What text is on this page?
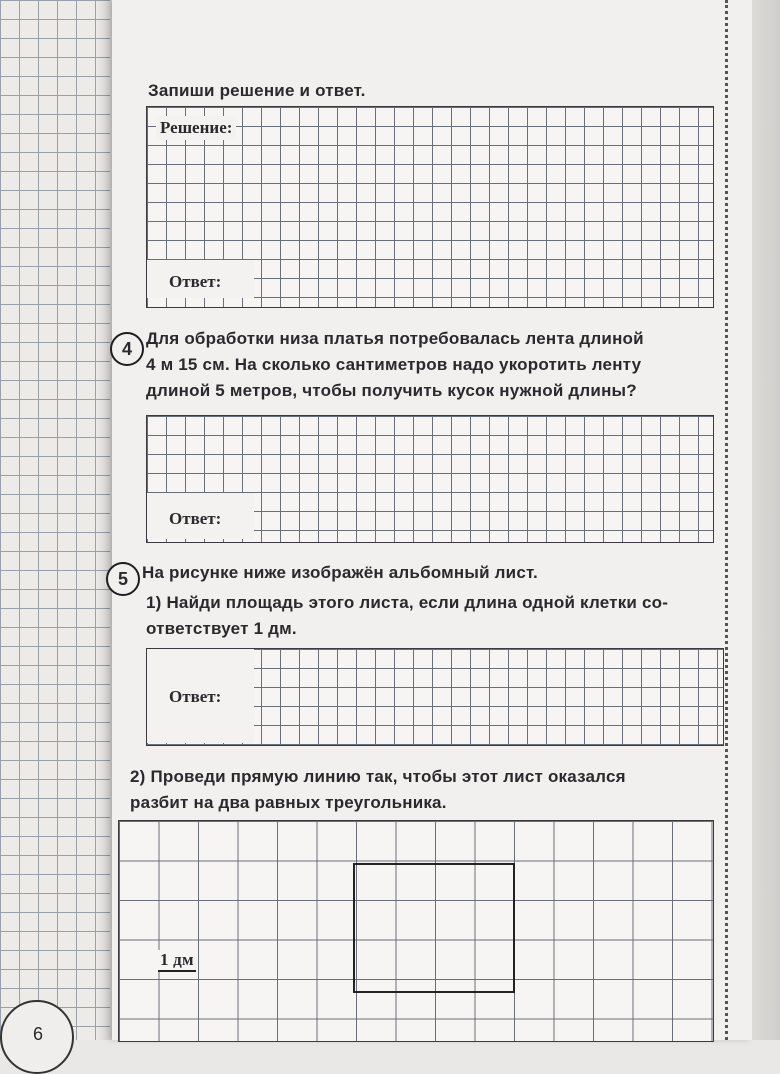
Запиши решение и ответ.
Решение:
Ответ:
4
Для обработки низа платья потребовалась лента длиной
4 м 15 см. На сколько сантиметров надо укоротить ленту
длиной 5 метров, чтобы получить кусок нужной длины?
Ответ:
5 На рисунке ниже изображён альбомный лист.
1) Найди площадь этого листа, если длина одной клетки со-
ответствует 1 дм.
Ответ:
2) Проведи прямую линию так, чтобы этот лист оказался
разбит на два равных треугольника.
1 дм
6
